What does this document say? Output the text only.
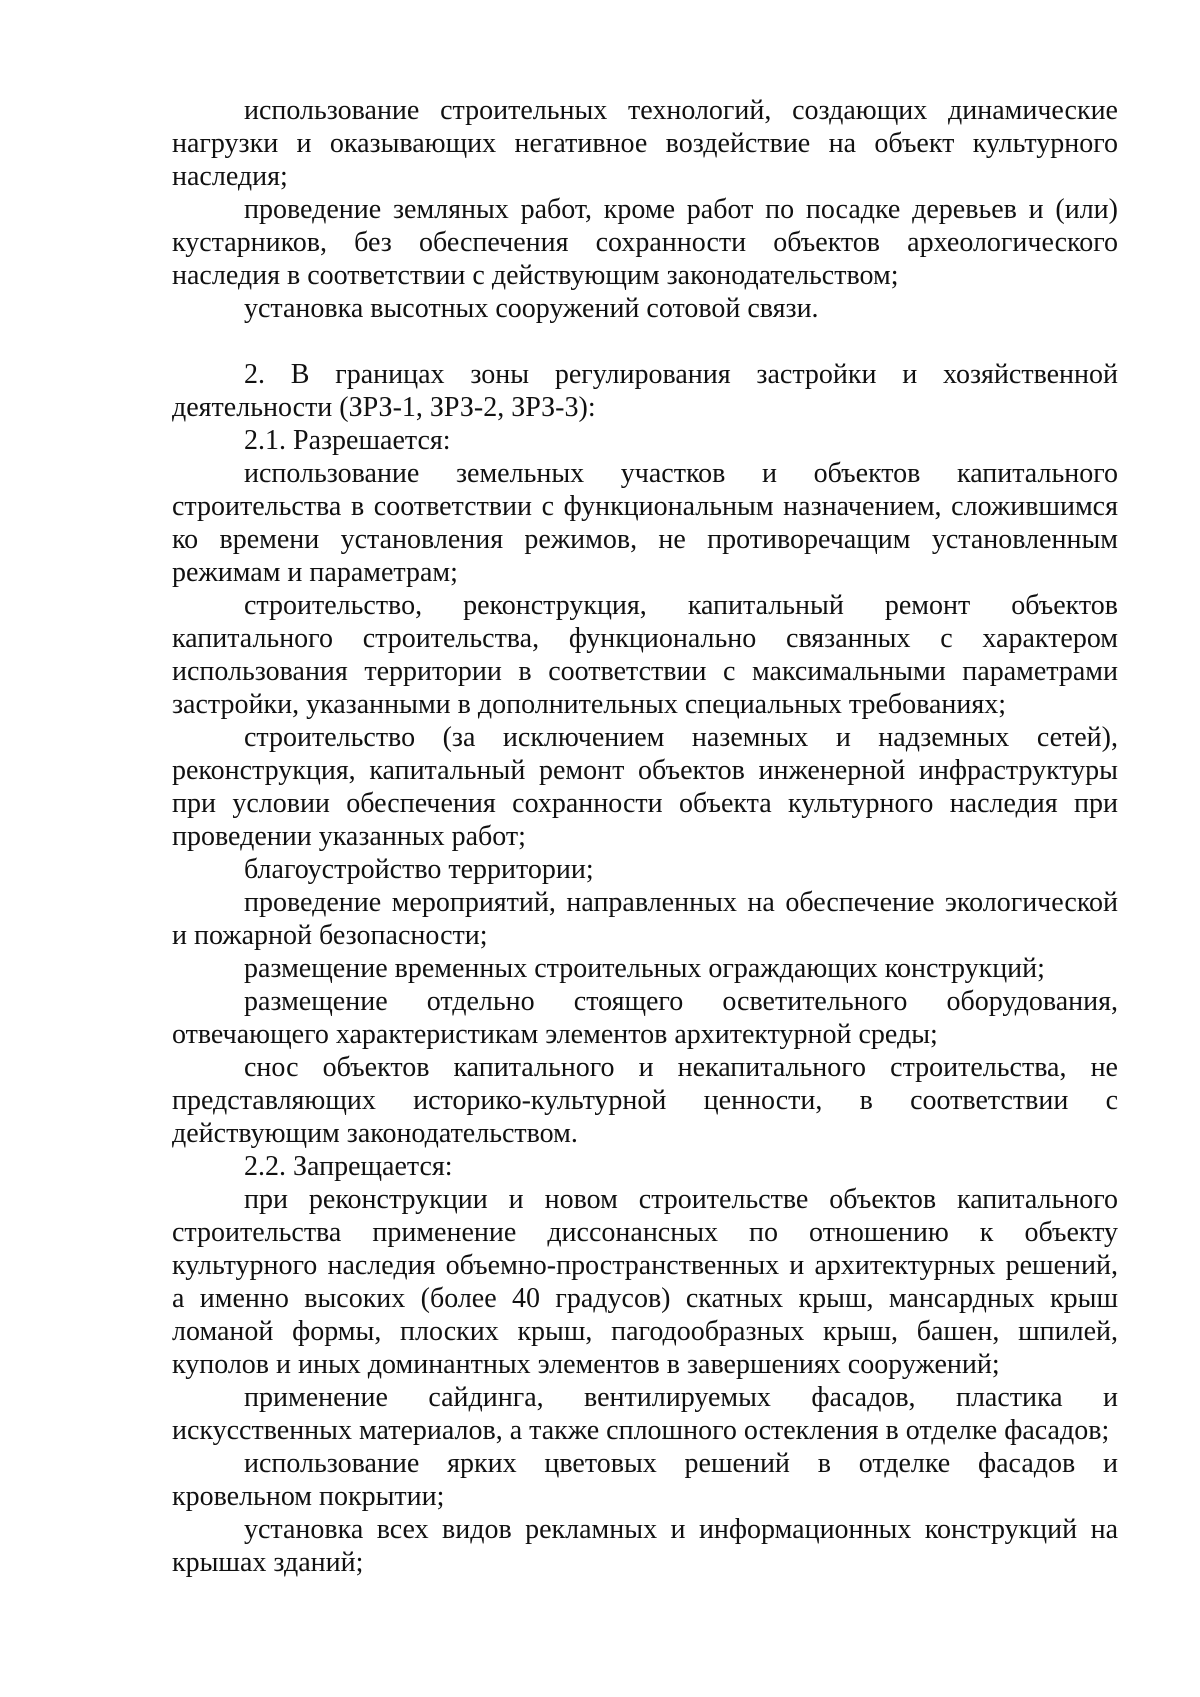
использование строительных технологий, создающих динамические нагрузки и оказывающих негативное воздействие на объект культурного наследия;

проведение земляных работ, кроме работ по посадке деревьев и (или) кустарников, без обеспечения сохранности объектов археологического наследия в соответствии с действующим законодательством;

установка высотных сооружений сотовой связи.

2. В границах зоны регулирования застройки и хозяйственной деятельности (ЗРЗ-1, ЗРЗ-2, ЗРЗ-3):

2.1. Разрешается:

использование земельных участков и объектов капитального строительства в соответствии с функциональным назначением, сложившимся ко времени установления режимов, не противоречащим установленным режимам и параметрам;

строительство, реконструкция, капитальный ремонт объектов капитального строительства, функционально связанных с характером использования территории в соответствии с максимальными параметрами застройки, указанными в дополнительных специальных требованиях;

строительство (за исключением наземных и надземных сетей), реконструкция, капитальный ремонт объектов инженерной инфраструктуры при условии обеспечения сохранности объекта культурного наследия при проведении указанных работ;

благоустройство территории;

проведение мероприятий, направленных на обеспечение экологической и пожарной безопасности;

размещение временных строительных ограждающих конструкций;

размещение отдельно стоящего осветительного оборудования, отвечающего характеристикам элементов архитектурной среды;

снос объектов капитального и некапитального строительства, не представляющих историко-культурной ценности, в соответствии с действующим законодательством.

2.2. Запрещается:

при реконструкции и новом строительстве объектов капитального строительства применение диссонансных по отношению к объекту культурного наследия объемно-пространственных и архитектурных решений, а именно высоких (более 40 градусов) скатных крыш, мансардных крыш ломаной формы, плоских крыш, пагодообразных крыш, башен, шпилей, куполов и иных доминантных элементов в завершениях сооружений;

применение сайдинга, вентилируемых фасадов, пластика и искусственных материалов, а также сплошного остекления в отделке фасадов;

использование ярких цветовых решений в отделке фасадов и кровельном покрытии;

установка всех видов рекламных и информационных конструкций на крышах зданий;
